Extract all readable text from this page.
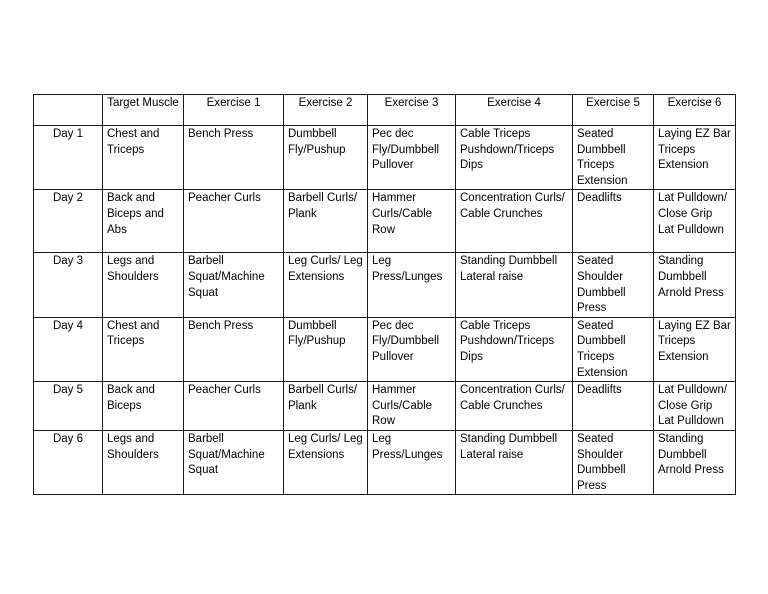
	Target Muscle	Exercise 1	Exercise 2	Exercise 3	Exercise 4	Exercise 5	Exercise 6
Day 1	Chest and Triceps	Bench Press	Dumbbell Fly/Pushup	Pec dec Fly/Dumbbell Pullover	Cable Triceps Pushdown/Triceps Dips	Seated Dumbbell Triceps Extension	Laying EZ Bar Triceps Extension
Day 2	Back and Biceps and Abs	Peacher Curls	Barbell Curls/ Plank	Hammer Curls/Cable Row	Concentration Curls/ Cable Crunches	Deadlifts	Lat Pulldown/ Close Grip Lat Pulldown
Day 3	Legs and Shoulders	Barbell Squat/Machine Squat	Leg Curls/ Leg Extensions	Leg Press/Lunges	Standing Dumbbell Lateral raise	Seated Shoulder Dumbbell Press	Standing Dumbbell Arnold Press
Day 4	Chest and Triceps	Bench Press	Dumbbell Fly/Pushup	Pec dec Fly/Dumbbell Pullover	Cable Triceps Pushdown/Triceps Dips	Seated Dumbbell Triceps Extension	Laying EZ Bar Triceps Extension
Day 5	Back and Biceps	Peacher Curls	Barbell Curls/ Plank	Hammer Curls/Cable Row	Concentration Curls/ Cable Crunches	Deadlifts	Lat Pulldown/ Close Grip Lat Pulldown
Day 6	Legs and Shoulders	Barbell Squat/Machine Squat	Leg Curls/ Leg Extensions	Leg Press/Lunges	Standing Dumbbell Lateral raise	Seated Shoulder Dumbbell Press	Standing Dumbbell Arnold Press
